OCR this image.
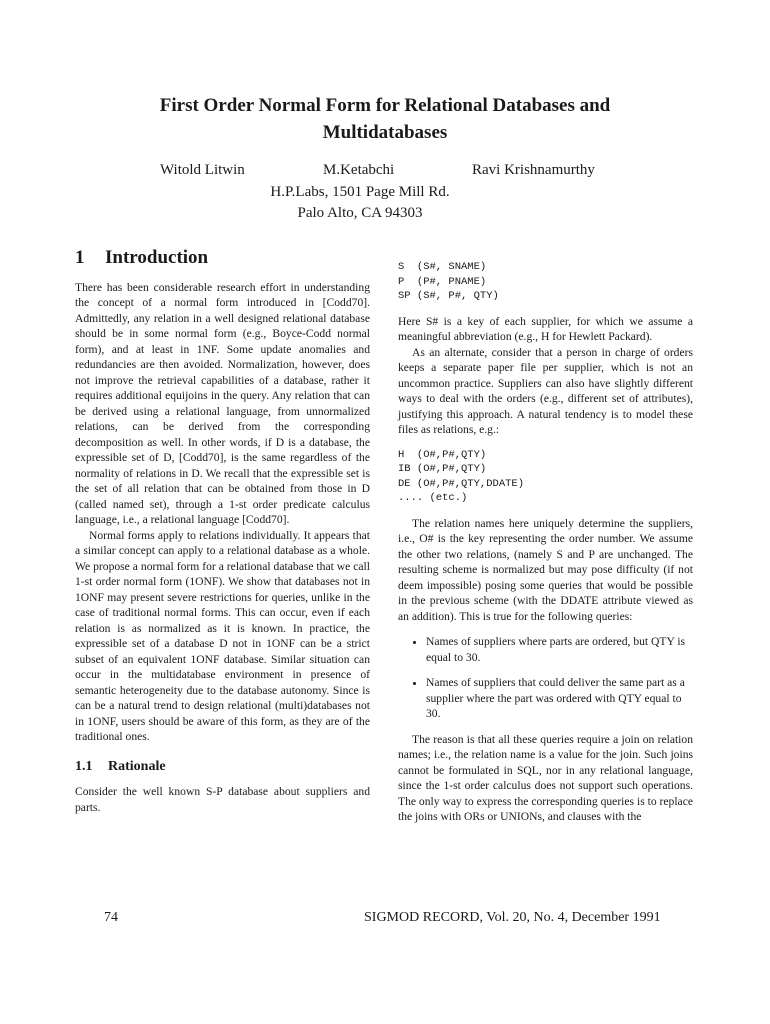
First Order Normal Form for Relational Databases and
Multidatabases
Witold Litwin	M.Ketabchi	Ravi Krishnamurthy
H.P.Labs, 1501 Page Mill Rd.
Palo Alto, CA 94303
1 Introduction

There has been considerable research effort in understanding the concept of a normal form introduced in [Codd70]. Admittedly, any relation in a well designed relational database should be in some normal form (e.g., Boyce-Codd normal form), and at least in 1NF. Some update anomalies and redundancies are then avoided. Normalization, however, does not improve the retrieval capabilities of a database, rather it requires additional equijoins in the query. Any relation that can be derived using a relational language, from unnormalized relations, can be derived from the corresponding decomposition as well. In other words, if D is a database, the expressible set of D, [Codd70], is the same regardless of the normality of relations in D. We recall that the expressible set is the set of all relation that can be obtained from those in D (called named set), through a 1-st order predicate calculus language, i.e., a relational language [Codd70].

Normal forms apply to relations individually. It appears that a similar concept can apply to a relational database as a whole. We propose a normal form for a relational database that we call 1-st order normal form (1ONF). We show that databases not in 1ONF may present severe restrictions for queries, unlike in the case of traditional normal forms. This can occur, even if each relation is as normalized as it is known. In practice, the expressible set of a database D not in 1ONF can be a strict subset of an equivalent 1ONF database. Similar situation can occur in the multidatabase environment in presence of semantic heterogeneity due to the database autonomy. Since is can be a natural trend to design relational (multi)databases not in 1ONF, users should be aware of this form, as they are of the traditional ones.

1.1 Rationale

Consider the well known S-P database about suppliers and parts.

S  (S#, SNAME)
P  (P#, PNAME)
SP (S#, P#, QTY)

Here S# is a key of each supplier, for which we assume a meaningful abbreviation (e.g., H for Hewlett Packard).

As an alternate, consider that a person in charge of orders keeps a separate paper file per supplier, which is not an uncommon practice. Suppliers can also have slightly different ways to deal with the orders (e.g., different set of attributes), justifying this approach. A natural tendency is to model these files as relations, e.g.:

H  (O#,P#,QTY)
IB (O#,P#,QTY)
DE (O#,P#,QTY,DDATE)
.... (etc.)

The relation names here uniquely determine the suppliers, i.e., O# is the key representing the order number. We assume the other two relations, (namely S and P are unchanged. The resulting scheme is normalized but may pose difficulty (if not deem impossible) posing some queries that would be possible in the previous scheme (with the DDATE attribute viewed as an addition). This is true for the following queries:

• Names of suppliers where parts are ordered, but QTY is equal to 30.
• Names of suppliers that could deliver the same part as a supplier where the part was ordered with QTY equal to 30.

The reason is that all these queries require a join on relation names; i.e., the relation name is a value for the join. Such joins cannot be formulated in SQL, nor in any relational language, since the 1-st order calculus does not support such operations. The only way to express the corresponding queries is to replace the joins with ORs or UNIONs, and clauses with the

74	SIGMOD RECORD, Vol. 20, No. 4, December 1991
